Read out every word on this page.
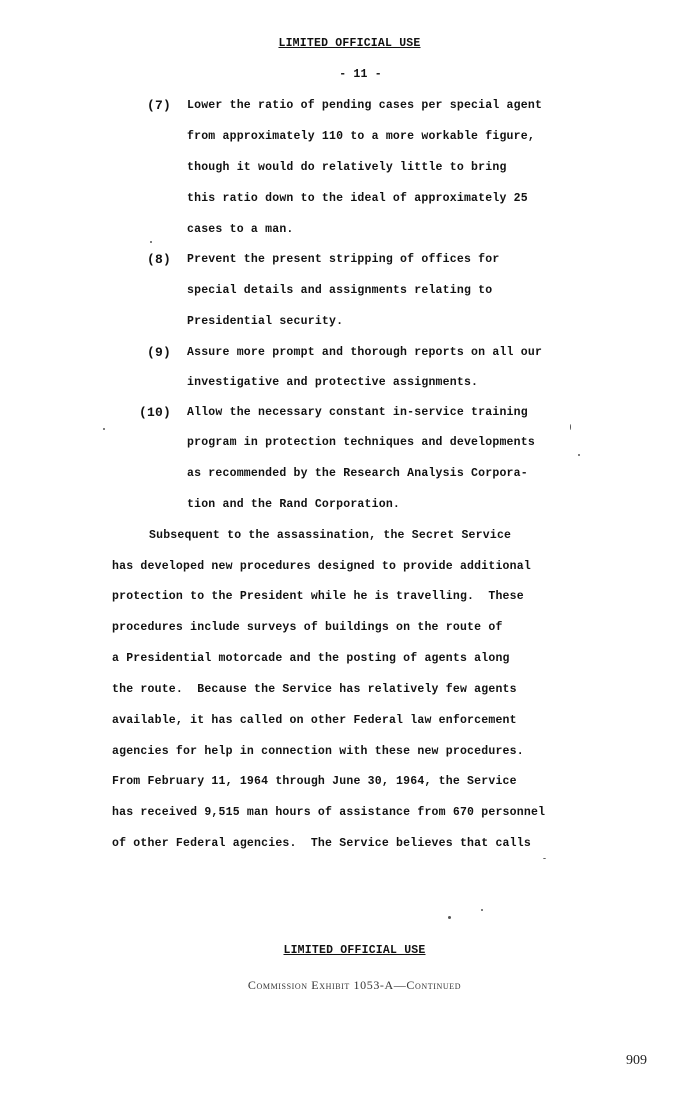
LIMITED OFFICIAL USE
- 11 -
(7) Lower the ratio of pending cases per special agent
from approximately 110 to a more workable figure,
though it would do relatively little to bring
this ratio down to the ideal of approximately 25
cases to a man.
(8) Prevent the present stripping of offices for
special details and assignments relating to
Presidential security.
(9) Assure more prompt and thorough reports on all our
investigative and protective assignments.
(10) Allow the necessary constant in-service training
program in protection techniques and developments
as recommended by the Research Analysis Corpora-
tion and the Rand Corporation.
Subsequent to the assassination, the Secret Service
has developed new procedures designed to provide additional
protection to the President while he is travelling.  These
procedures include surveys of buildings on the route of
a Presidential motorcade and the posting of agents along
the route.  Because the Service has relatively few agents
available, it has called on other Federal law enforcement
agencies for help in connection with these new procedures.
From February 11, 1964 through June 30, 1964, the Service
has received 9,515 man hours of assistance from 670 personnel
of other Federal agencies.  The Service believes that calls
LIMITED OFFICIAL USE
Commission Exhibit 1053-A—Continued
909
